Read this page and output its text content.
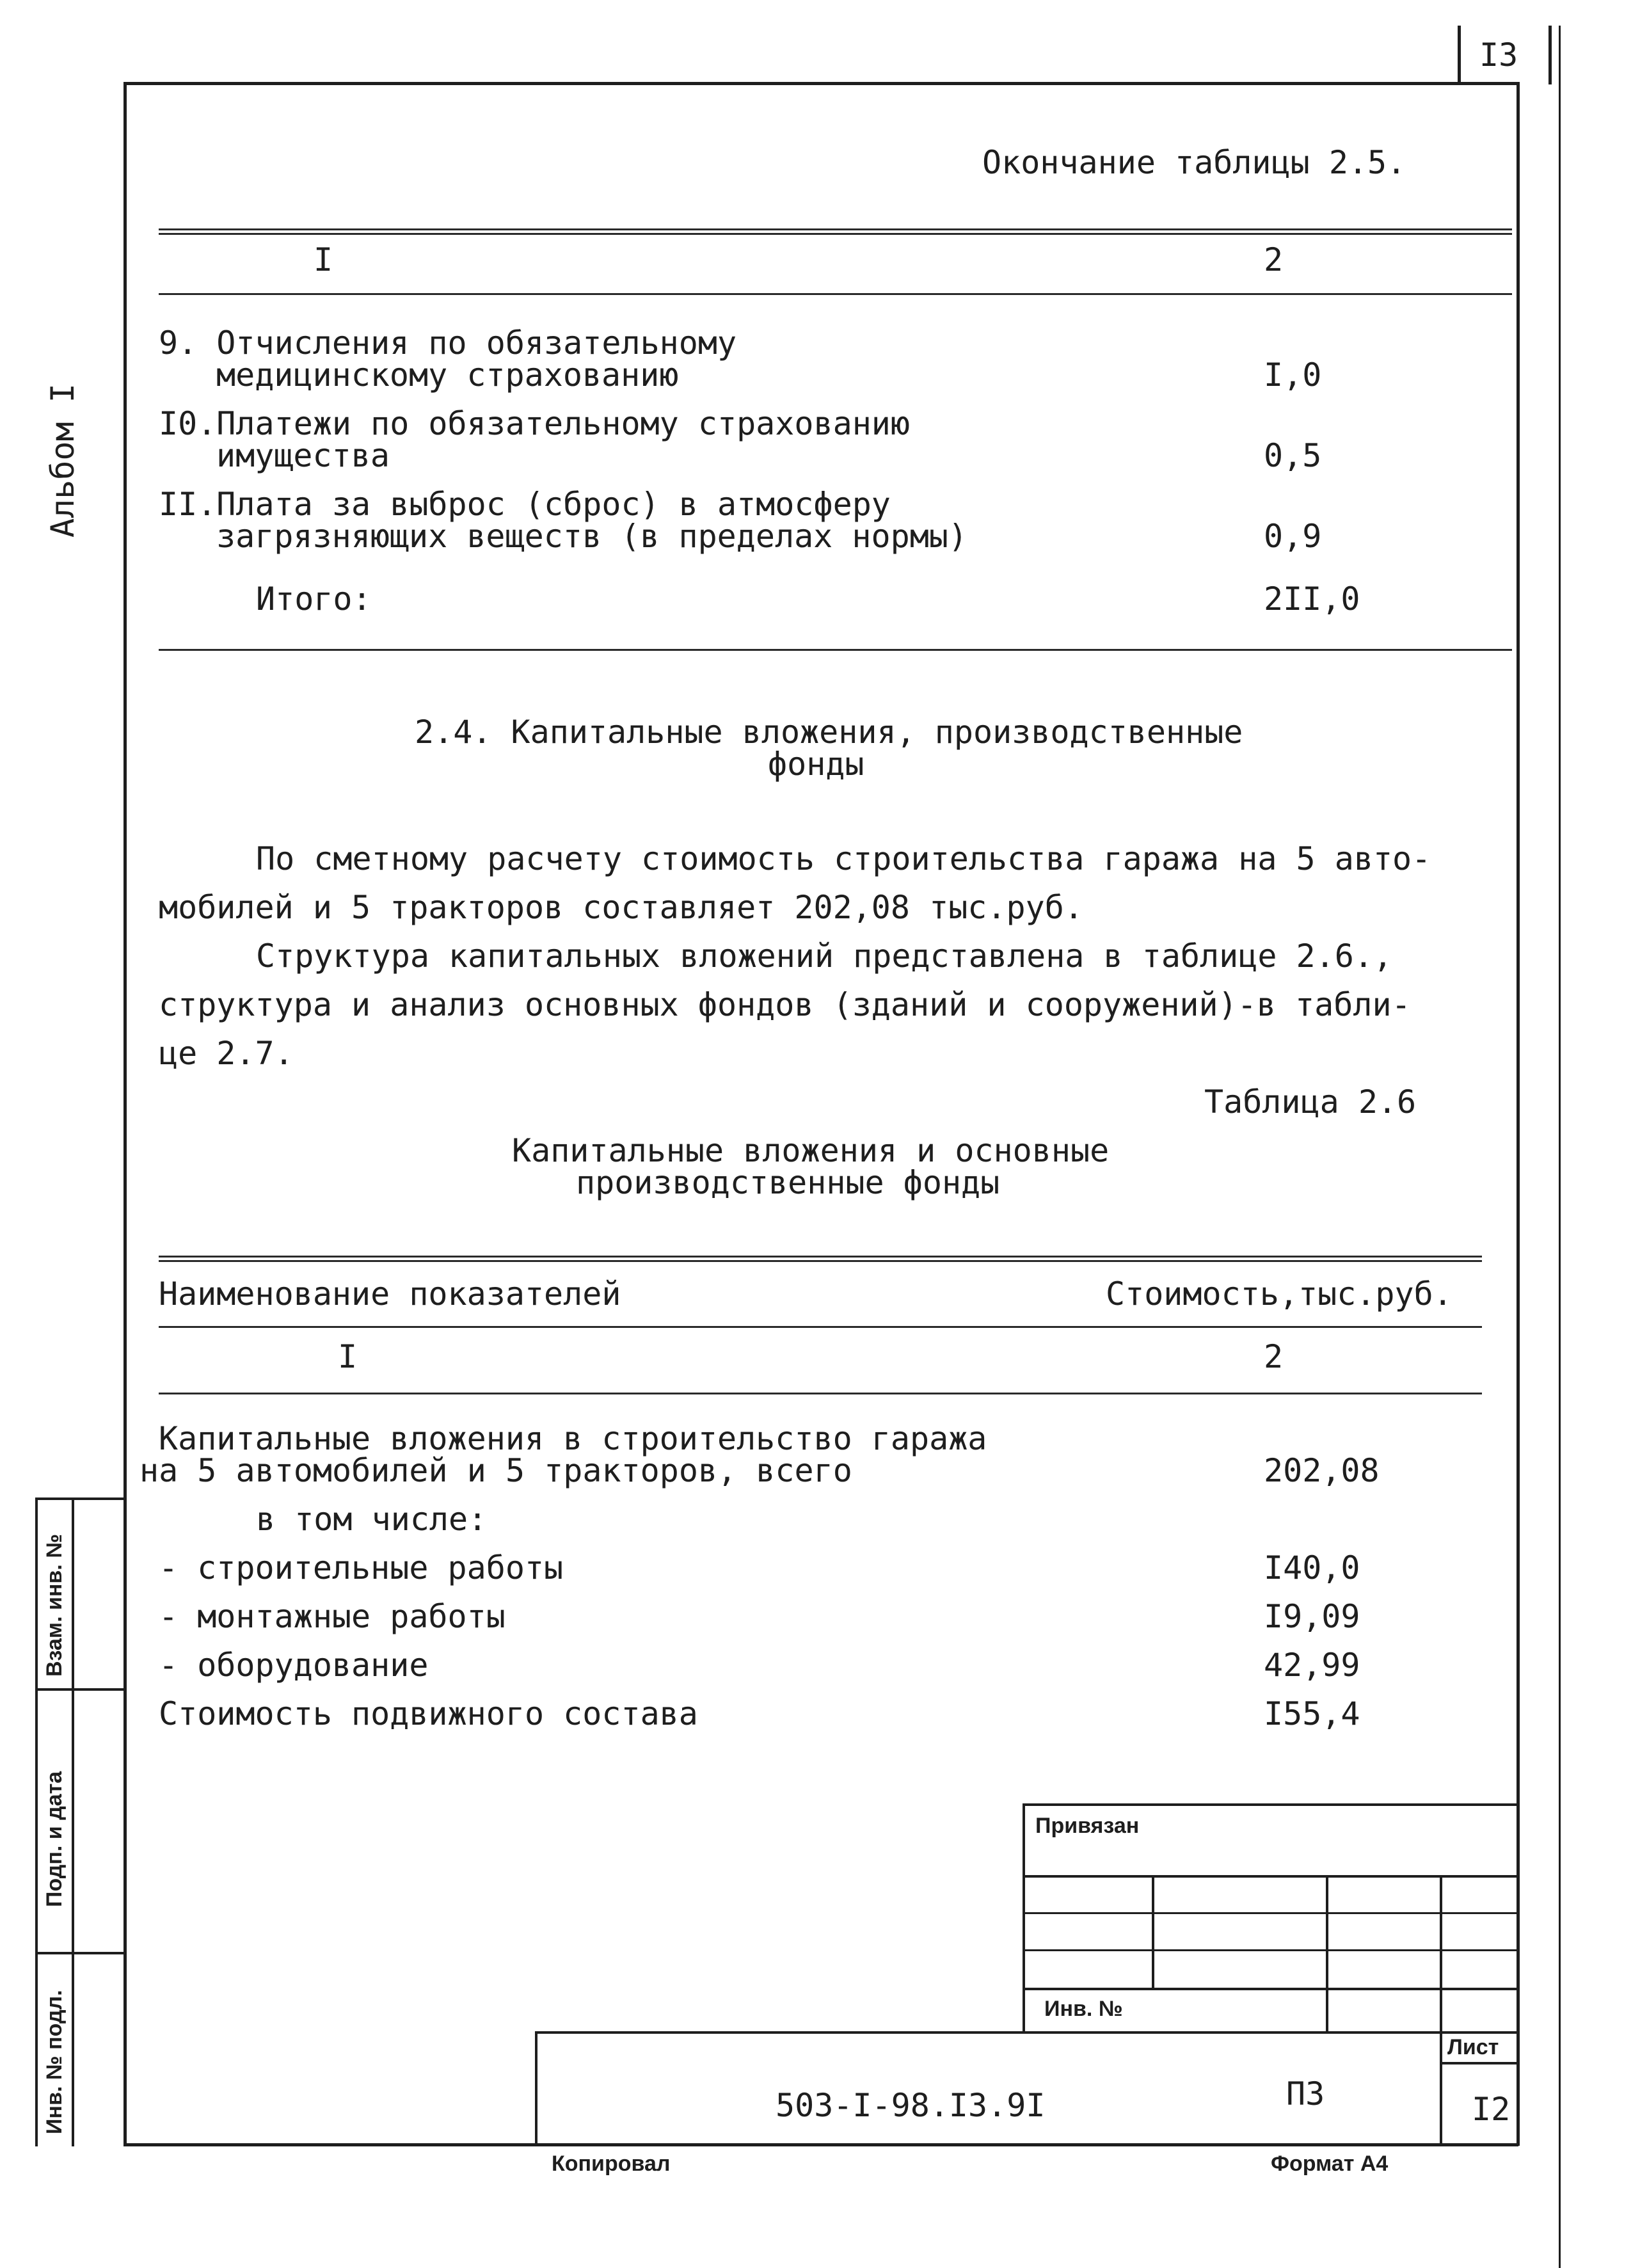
I3
Альбом I
Окончание таблицы 2.5.
I	2
9. Отчисления по обязательному
медицинскому страхованию	I,0
I0.Платежи по обязательному страхованию
имущества	0,5
II.Плата за выброс (сброс) в атмосферу
загрязняющих веществ (в пределах нормы)	0,9
Итого:	2II,0
2.4. Капитальные вложения, производственные
фонды
По сметному расчету стоимость строительства гаража на 5 авто-
мобилей и 5 тракторов составляет 202,08 тыс.руб.
Структура капитальных вложений представлена в таблице 2.6.,
структура и анализ основных фондов (зданий и сооружений)-в табли-
це 2.7.
Таблица 2.6
Капитальные вложения и основные
производственные фонды
Наименование показателей	Стоимость,тыс.руб.
I	2
Капитальные вложения в строительство гаража
на 5 автомобилей и 5 тракторов, всего	202,08
в том числе:
- строительные работы	I40,0
- монтажные работы	I9,09
- оборудование	42,99
Стоимость подвижного состава	I55,4
Привязан
Инв. №
503-I-98.I3.9I	ПЗ
Лист
I2
Взам. инв. №
Подп. и дата
Инв. № подл.
Копировал	Формат А4
